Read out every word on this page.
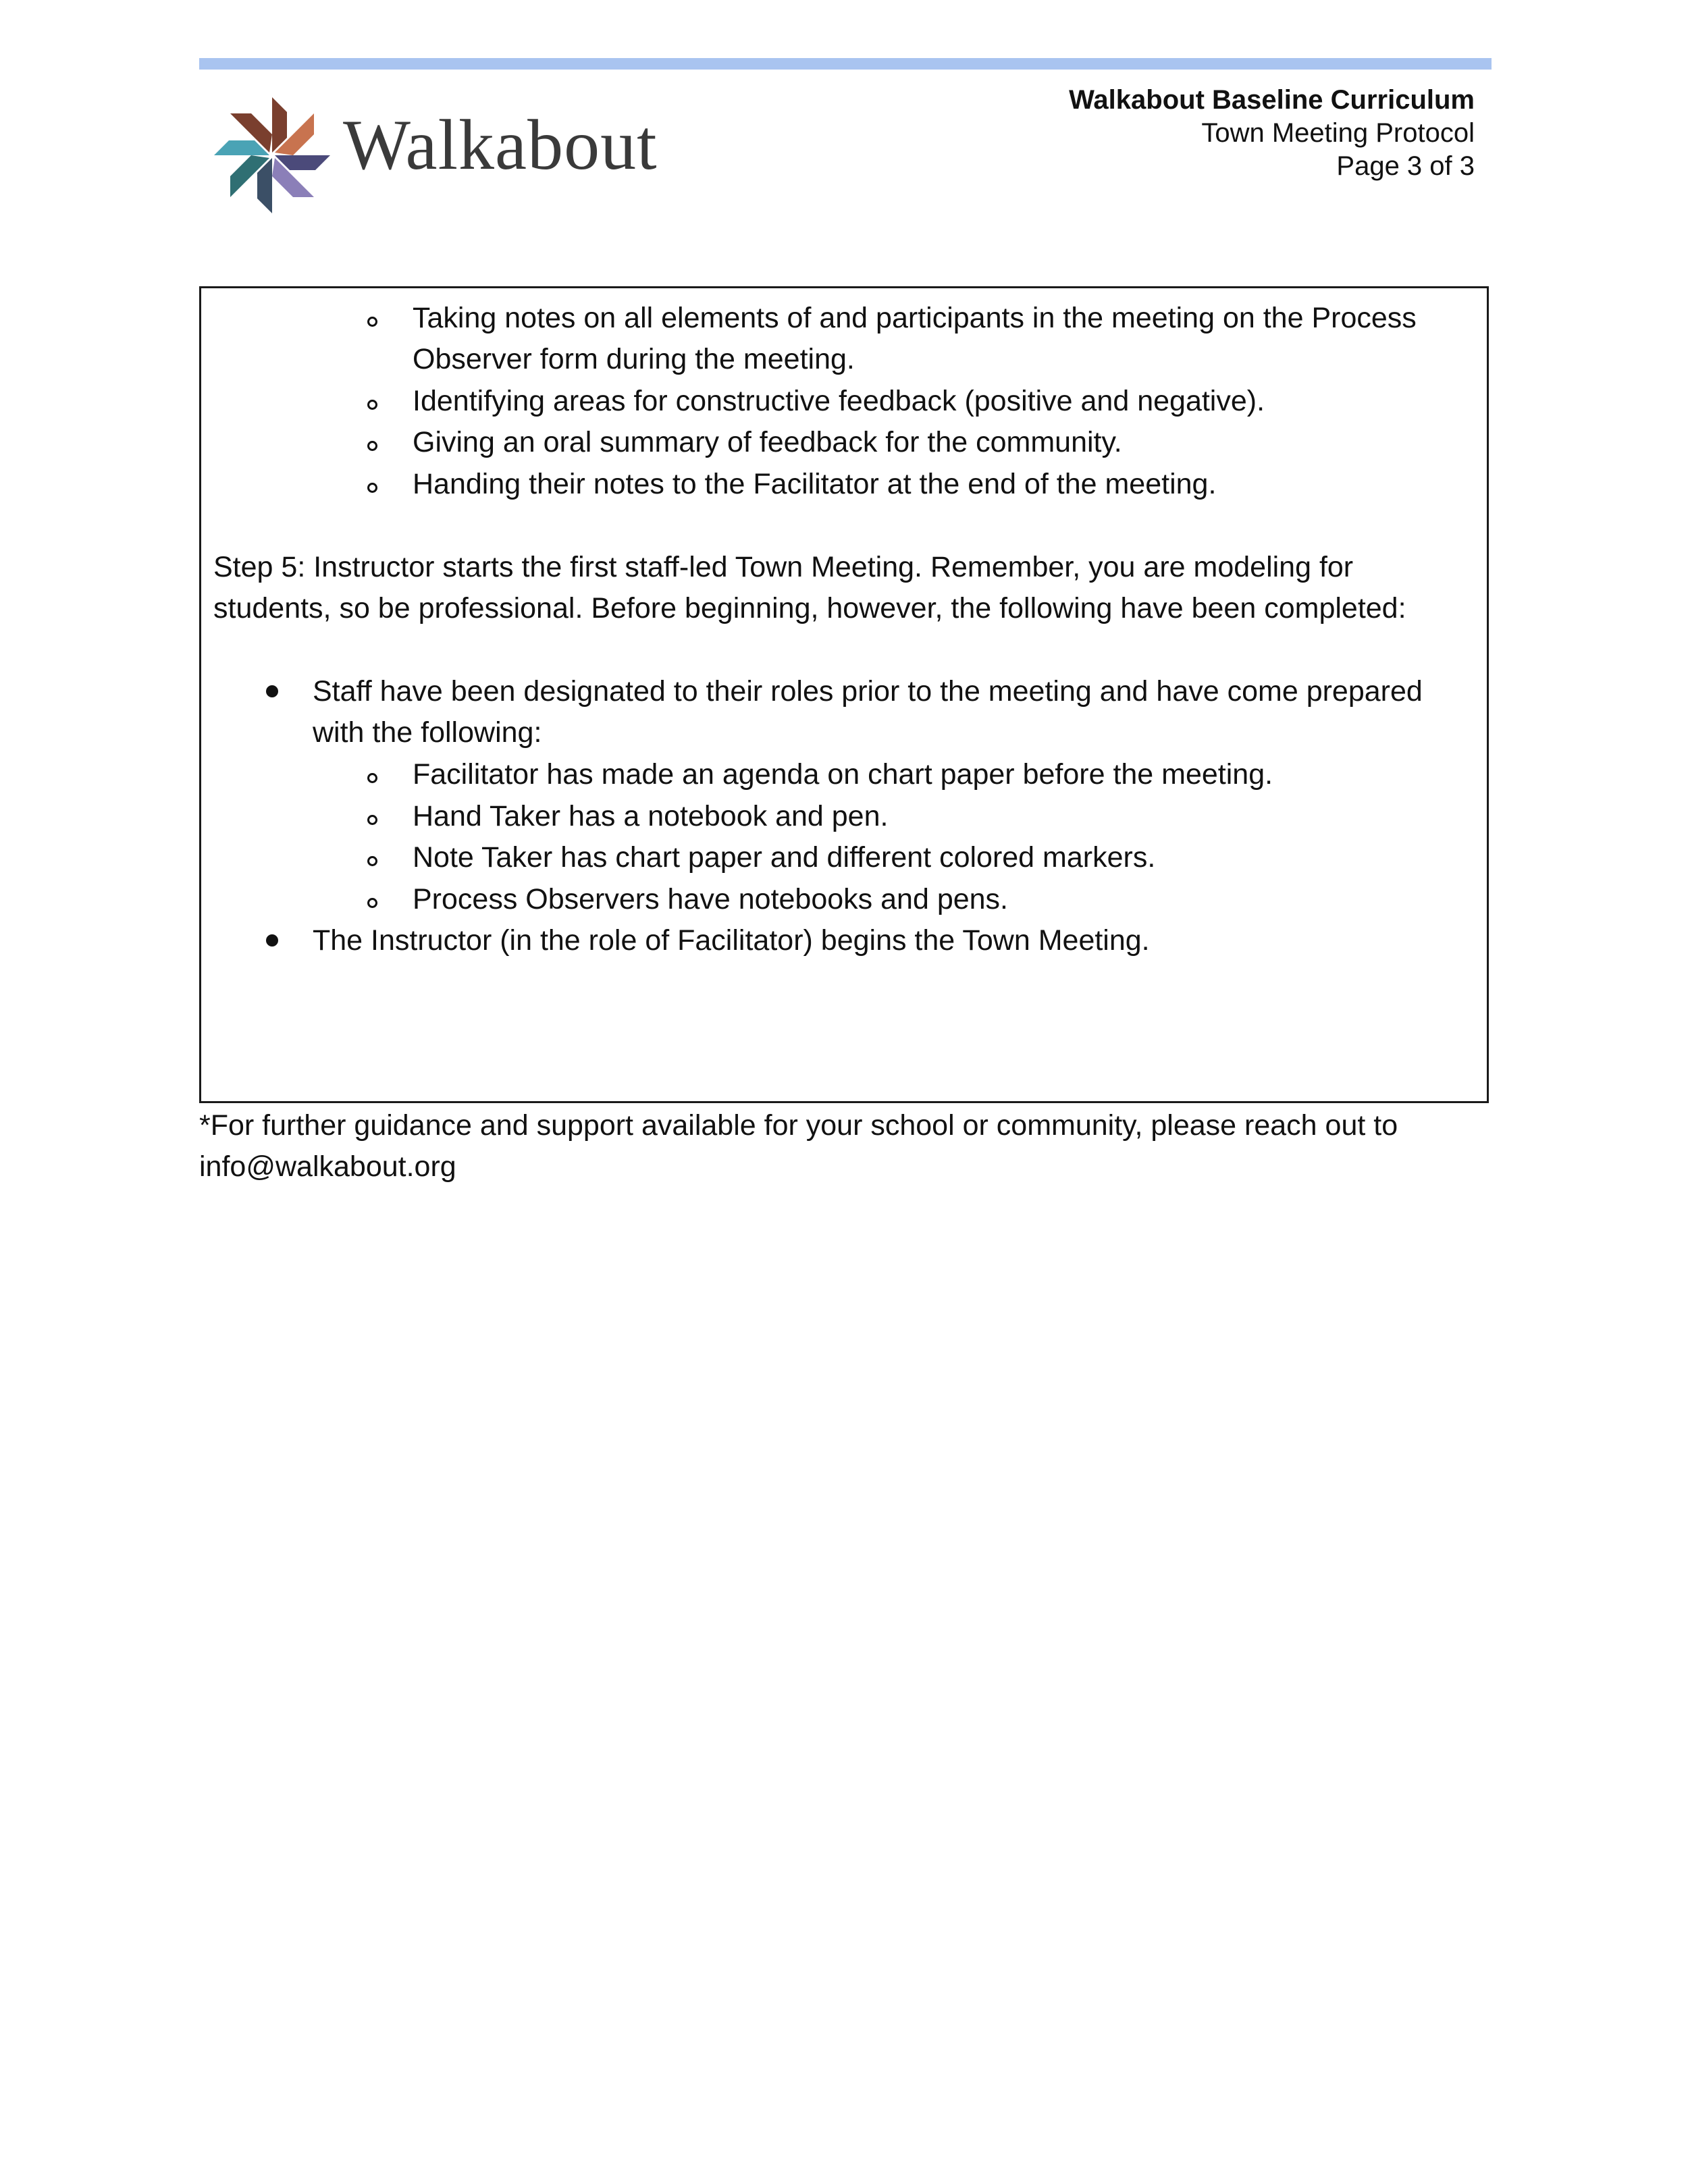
Walkabout
Walkabout Baseline Curriculum
Town Meeting Protocol
Page 3 of 3
Taking notes on all elements of and participants in the meeting on the Process
Observer form during the meeting.
Identifying areas for constructive feedback (positive and negative).
Giving an oral summary of feedback for the community.
Handing their notes to the Facilitator at the end of the meeting.
Step 5: Instructor starts the first staff-led Town Meeting. Remember, you are modeling for
students, so be professional. Before beginning, however, the following have been completed:
Staff have been designated to their roles prior to the meeting and have come prepared
with the following:
Facilitator has made an agenda on chart paper before the meeting.
Hand Taker has a notebook and pen.
Note Taker has chart paper and different colored markers.
Process Observers have notebooks and pens.
The Instructor (in the role of Facilitator) begins the Town Meeting.
*For further guidance and support available for your school or community, please reach out to
info@walkabout.org
